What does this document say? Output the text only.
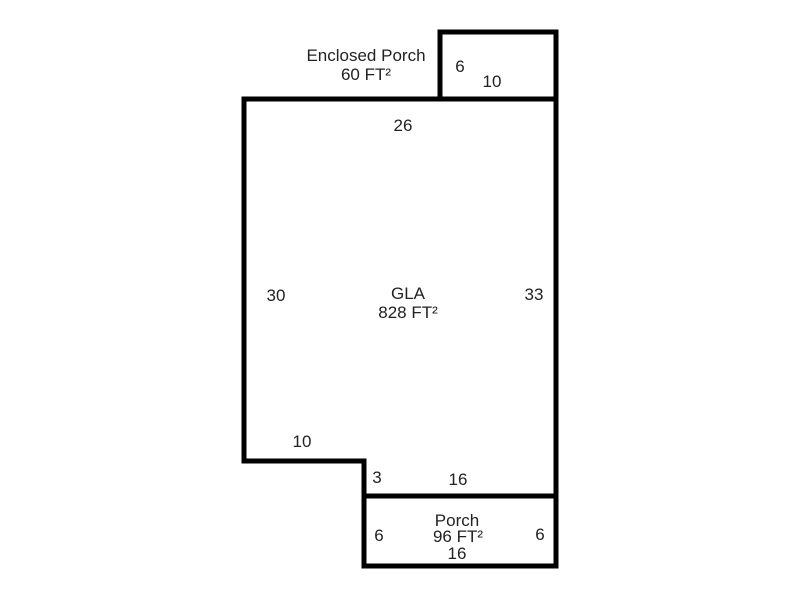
Enclosed Porch
60 FT²	6
10
26
GLA
828 FT²
30	33
10
3	16
Porch
96 FT²
6	6
16
